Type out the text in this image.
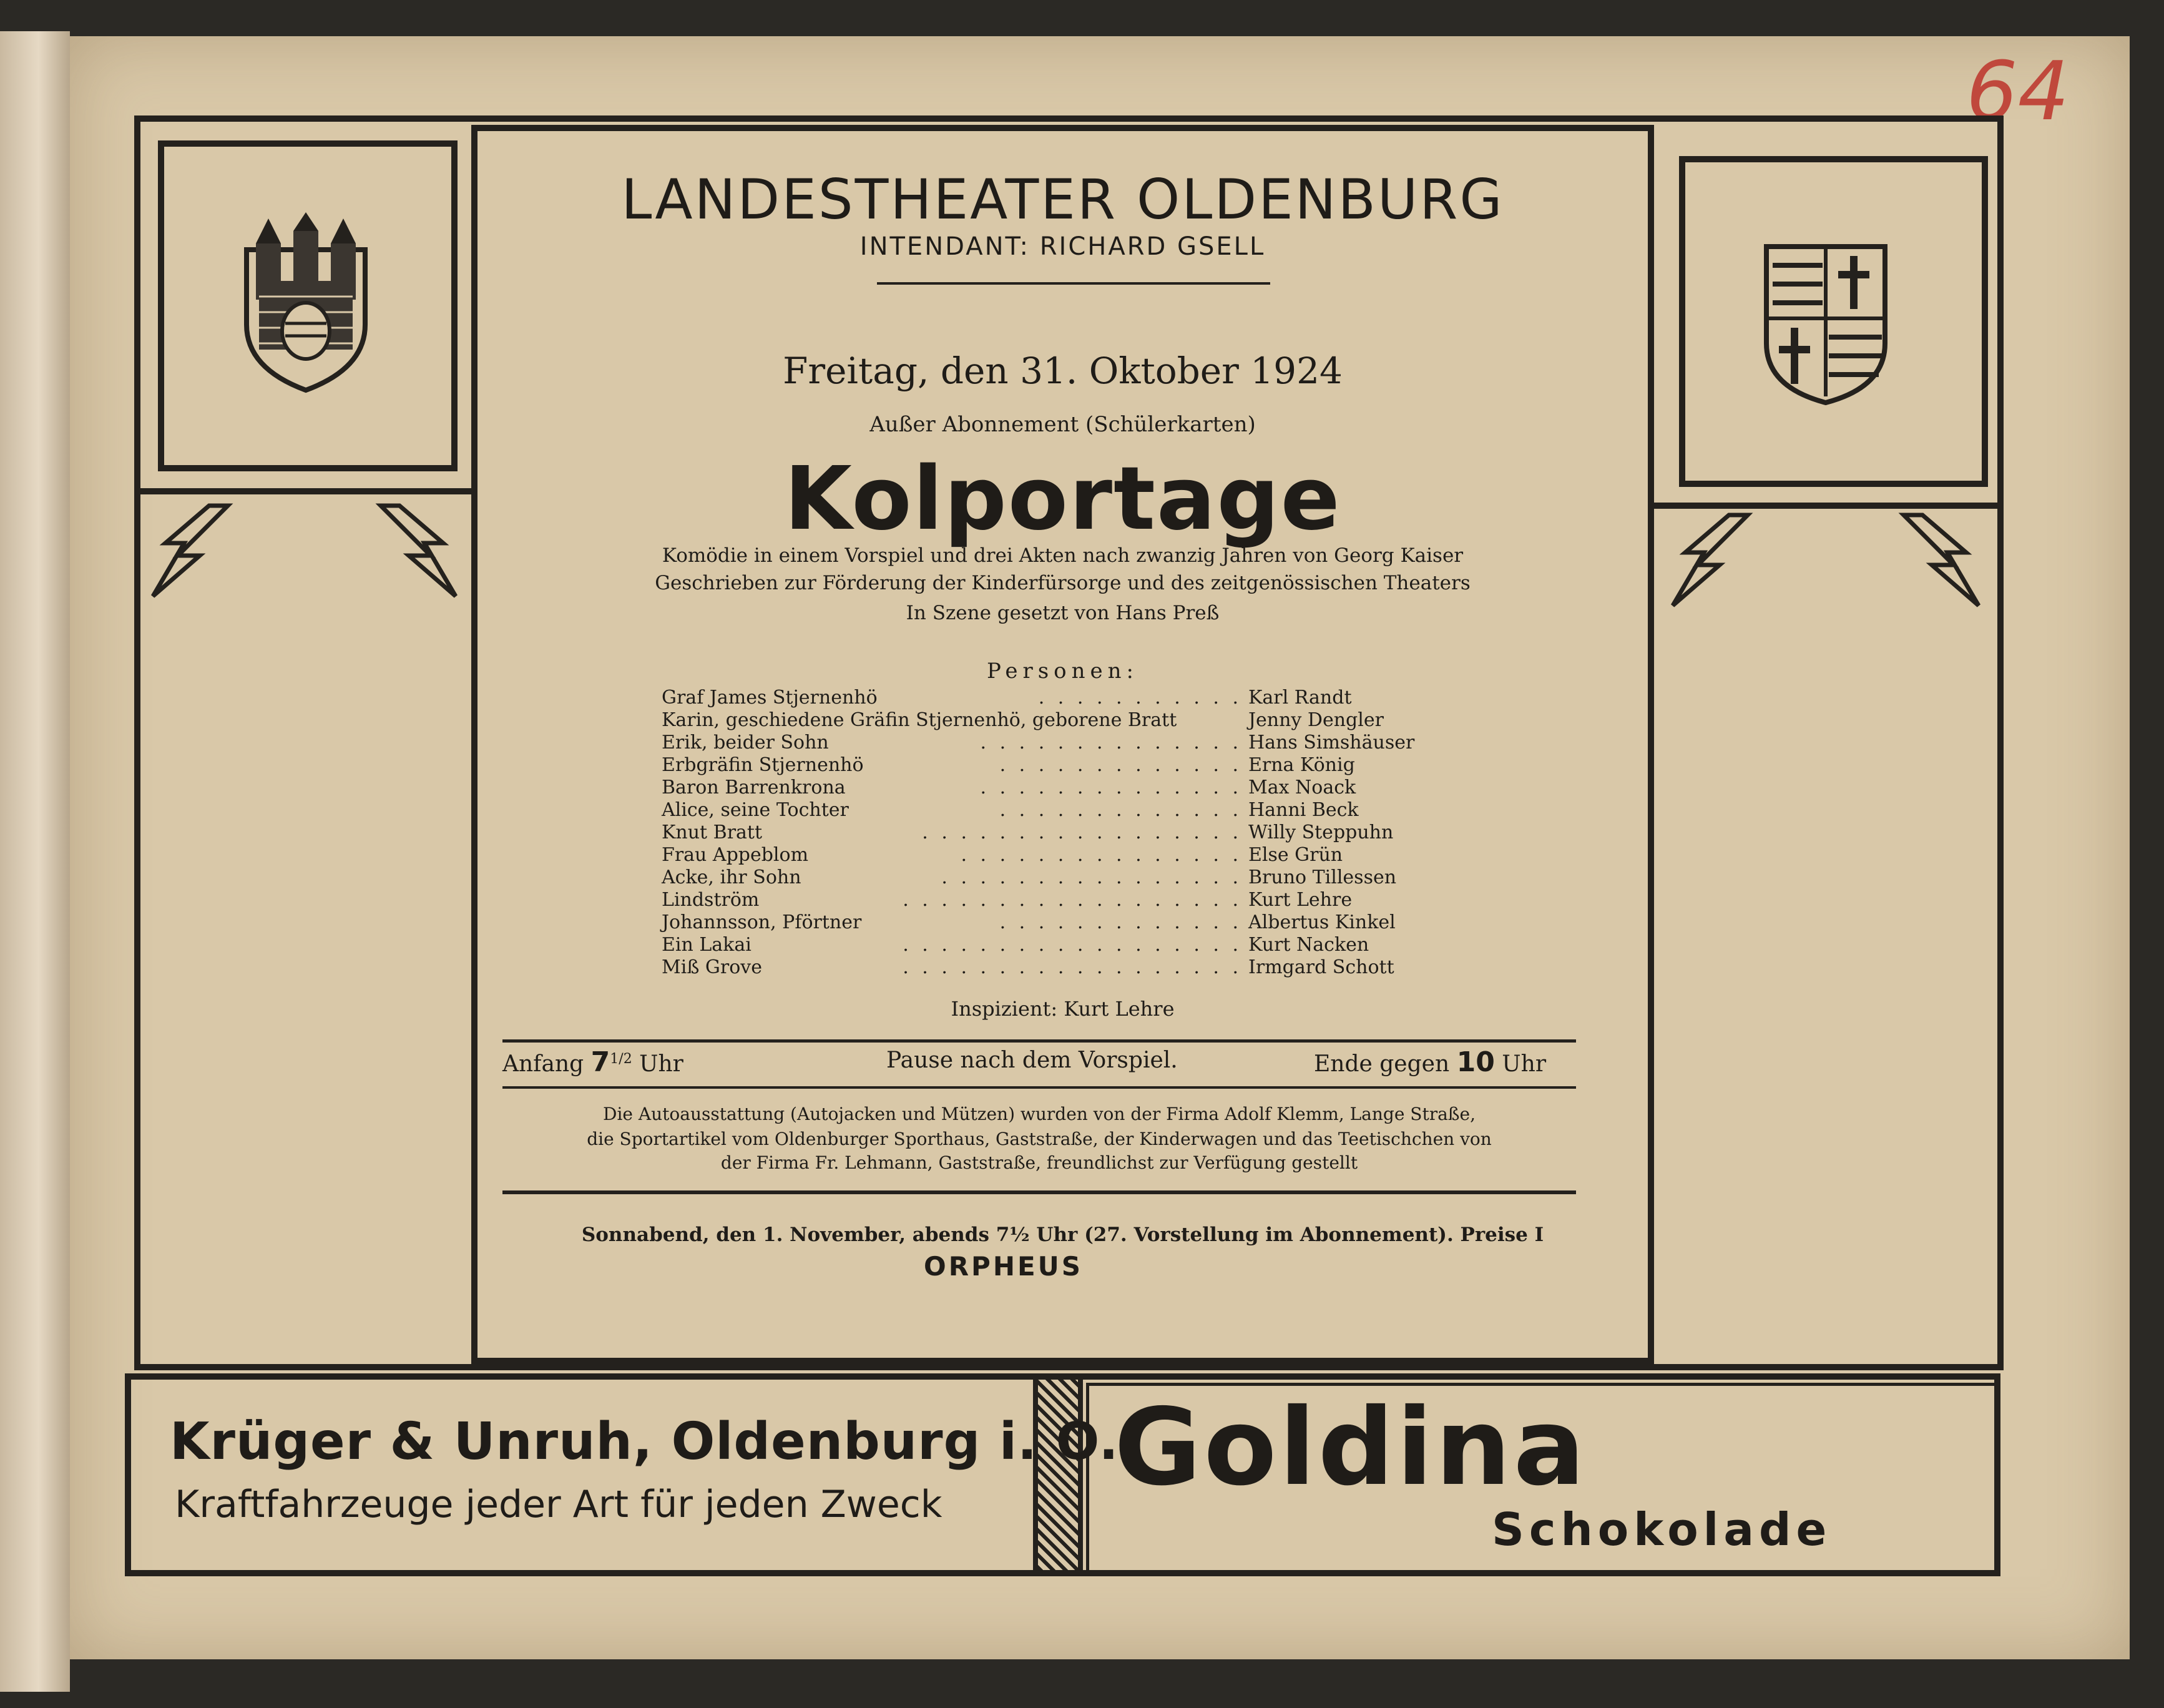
64
LANDESTHEATER OLDENBURG
INTENDANT: RICHARD GSELL
Freitag, den 31. Oktober 1924
Außer Abonnement (Schülerkarten)
Kolportage
Komödie in einem Vorspiel und drei Akten nach zwanzig Jahren von Georg Kaiser
Geschrieben zur Förderung der Kinderfürsorge und des zeitgenössischen Theaters
In Szene gesetzt von Hans Preß
Personen:
Graf James Stjernenhö	. . . . . . . . . . . Karl Randt
Karin, geschiedene Gräfin Stjernenhö, geborene Bratt	Jenny Dengler
Erik, beider Sohn	. . . . . . . . . . . . . . Hans Simshäuser
Erbgräfin Stjernenhö	. . . . . . . . . . . . . Erna König
Baron Barrenkrona	. . . . . . . . . . . . . . Max Noack
Alice, seine Tochter	. . . . . . . . . . . . . Hanni Beck
Knut Bratt	. . . . . . . . . . . . . . . . . Willy Steppuhn
Frau Appeblom	. . . . . . . . . . . . . . . Else Grün
Acke, ihr Sohn	. . . . . . . . . . . . . . . . Bruno Tillessen
Lindström	. . . . . . . . . . . . . . . . . . Kurt Lehre
Johannsson, Pförtner	. . . . . . . . . . . . . Albertus Kinkel
Ein Lakai	. . . . . . . . . . . . . . . . . . Kurt Nacken
Miß Grove	. . . . . . . . . . . . . . . . . . Irmgard Schott
Inspizient: Kurt Lehre
Anfang $7^{1/2}$ Uhr	Pause nach dem Vorspiel.	Ende gegen 10 Uhr
Die Autoausstattung (Autojacken und Mützen) wurden von der Firma Adolf Klemm, Lange Straße,
die Sportartikel vom Oldenburger Sporthaus, Gaststraße, der Kinderwagen und das Teetischchen von
der Firma Fr. Lehmann, Gaststraße, freundlichst zur Verfügung gestellt
Sonnabend, den 1. November, abends 7½ Uhr (27. Vorstellung im Abonnement). Preise I
ORPHEUS
Krüger & Unruh, Oldenburg i. O.
Kraftfahrzeuge jeder Art für jeden Zweck Goldina
Schokolade
